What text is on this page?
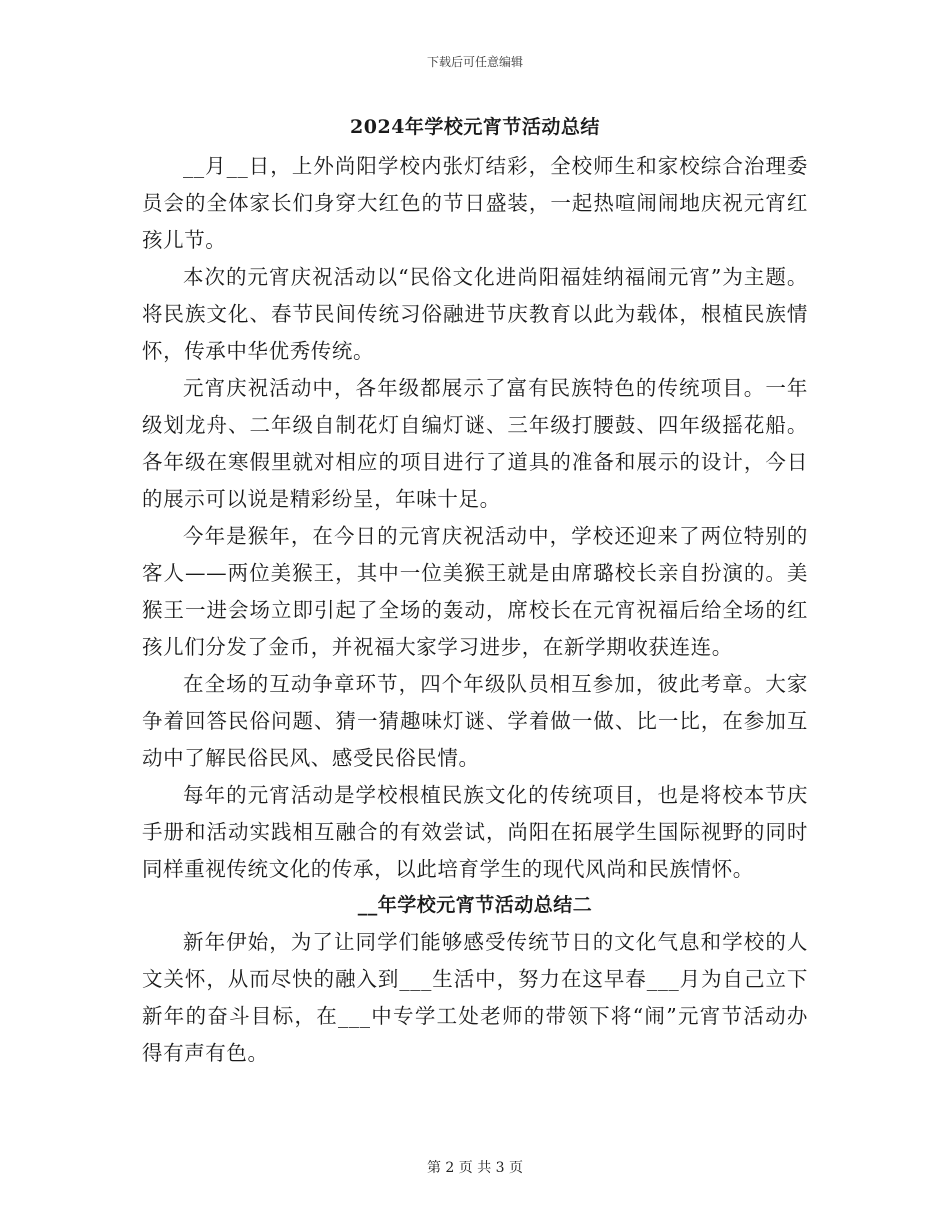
下载后可任意编辑
2024年学校元宵节活动总结

__月__日，上外尚阳学校内张灯结彩，全校师生和家校综合治理委员会的全体家长们身穿大红色的节日盛装，一起热喧闹闹地庆祝元宵红孩儿节。

本次的元宵庆祝活动以“民俗文化进尚阳福娃纳福闹元宵”为主题。将民族文化、春节民间传统习俗融进节庆教育以此为载体，根植民族情怀，传承中华优秀传统。

元宵庆祝活动中，各年级都展示了富有民族特色的传统项目。一年级划龙舟、二年级自制花灯自编灯谜、三年级打腰鼓、四年级摇花船。各年级在寒假里就对相应的项目进行了道具的准备和展示的设计，今日的展示可以说是精彩纷呈，年味十足。

今年是猴年，在今日的元宵庆祝活动中，学校还迎来了两位特别的客人——两位美猴王，其中一位美猴王就是由席璐校长亲自扮演的。美猴王一进会场立即引起了全场的轰动，席校长在元宵祝福后给全场的红孩儿们分发了金币，并祝福大家学习进步，在新学期收获连连。

在全场的互动争章环节，四个年级队员相互参加，彼此考章。大家争着回答民俗问题、猜一猜趣味灯谜、学着做一做、比一比，在参加互动中了解民俗民风、感受民俗民情。

每年的元宵活动是学校根植民族文化的传统项目，也是将校本节庆手册和活动实践相互融合的有效尝试，尚阳在拓展学生国际视野的同时同样重视传统文化的传承，以此培育学生的现代风尚和民族情怀。

__年学校元宵节活动总结二

新年伊始，为了让同学们能够感受传统节日的文化气息和学校的人文关怀，从而尽快的融入到___生活中，努力在这早春___月为自己立下新年的奋斗目标，在___中专学工处老师的带领下将“闹”元宵节活动办得有声有色。

第 2 页 共 3 页
